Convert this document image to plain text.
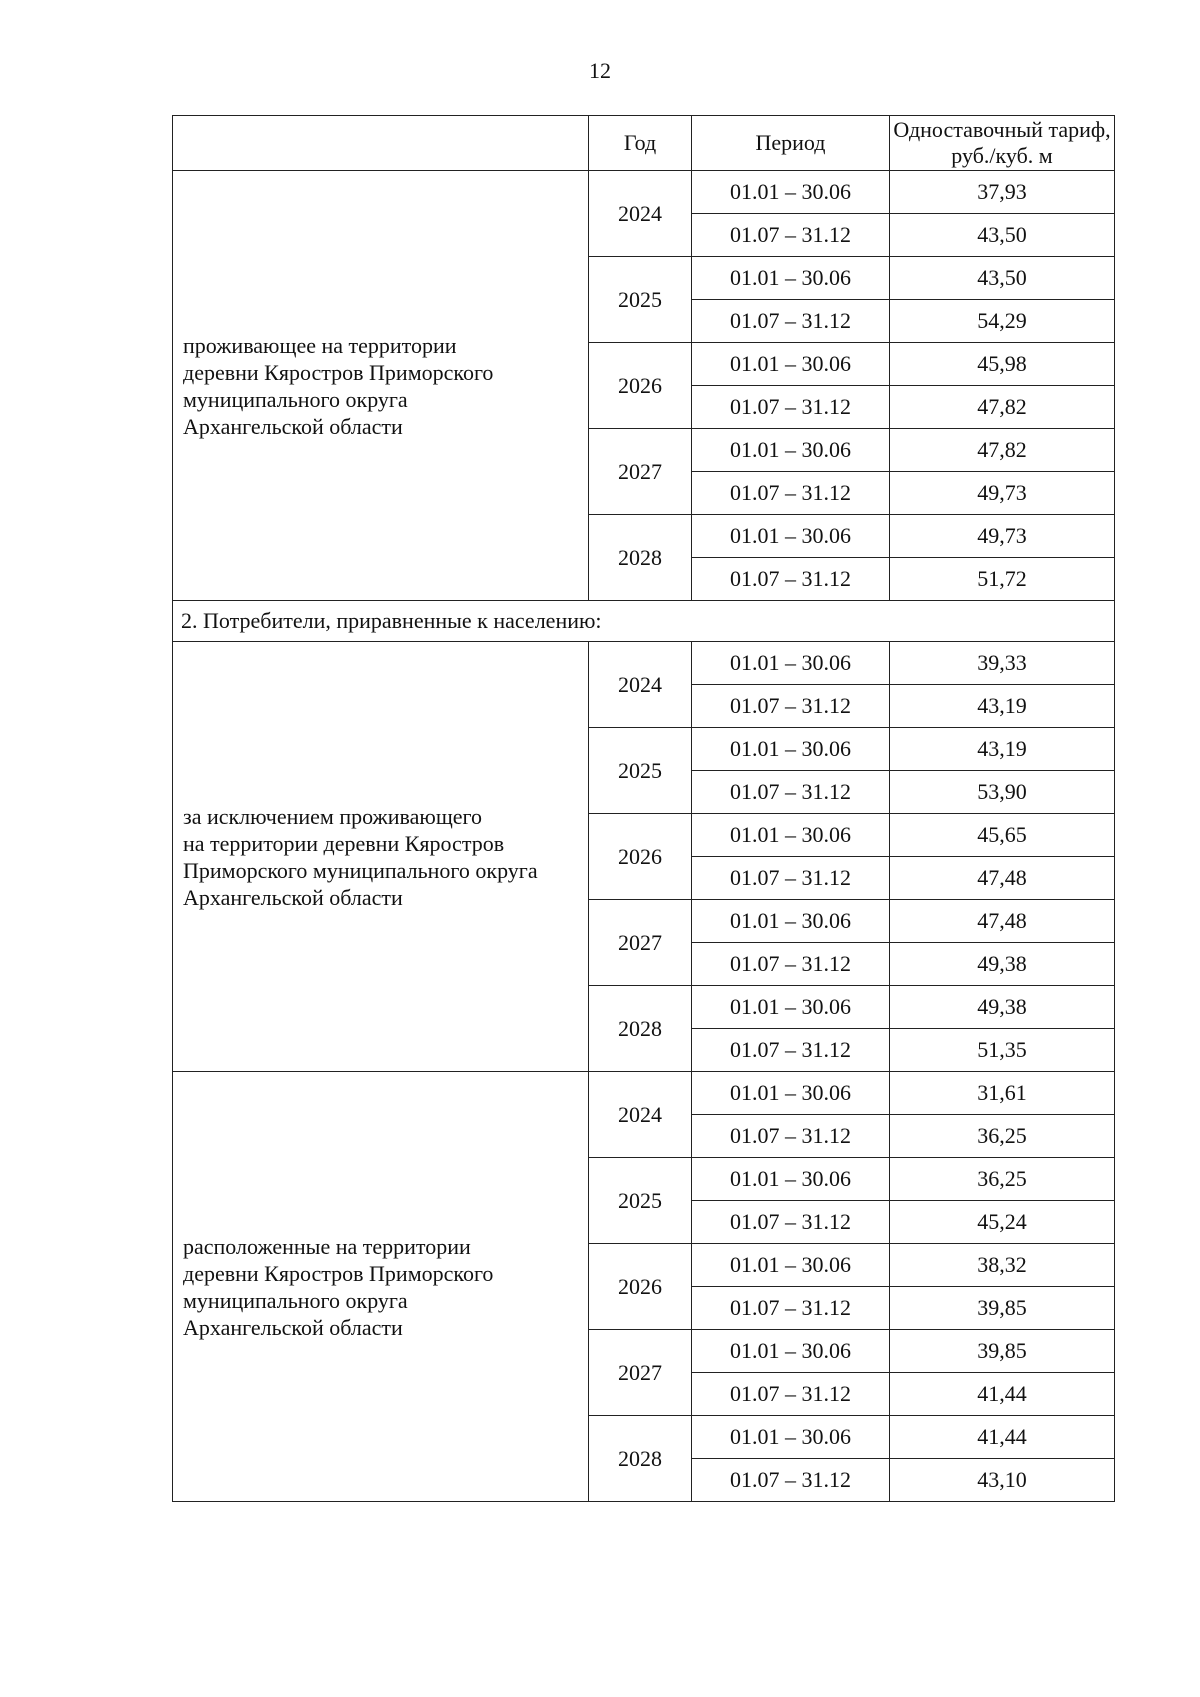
12
	Год	Период	Одноставочный тариф, руб./куб. м

проживающее на территории
деревни Кяростров Приморского
муниципального округа
Архангельской области	2024	01.01 – 30.06	37,93
		01.07 – 31.12	43,50
	2025	01.01 – 30.06	43,50
		01.07 – 31.12	54,29
	2026	01.01 – 30.06	45,98
		01.07 – 31.12	47,82
	2027	01.01 – 30.06	47,82
		01.07 – 31.12	49,73
	2028	01.01 – 30.06	49,73
		01.07 – 31.12	51,72
2. Потребители, приравненные к населению:			

за исключением проживающего
на территории деревни Кяростров
Приморского муниципального округа
Архангельской области	2024	01.01 – 30.06	39,33
		01.07 – 31.12	43,19
	2025	01.01 – 30.06	43,19
		01.07 – 31.12	53,90
	2026	01.01 – 30.06	45,65
		01.07 – 31.12	47,48
	2027	01.01 – 30.06	47,48
		01.07 – 31.12	49,38
	2028	01.01 – 30.06	49,38
		01.07 – 31.12	51,35

расположенные на территории
деревни Кяростров Приморского
муниципального округа
Архангельской области	2024	01.01 – 30.06	31,61
		01.07 – 31.12	36,25
	2025	01.01 – 30.06	36,25
		01.07 – 31.12	45,24
	2026	01.01 – 30.06	38,32
		01.07 – 31.12	39,85
	2027	01.01 – 30.06	39,85
		01.07 – 31.12	41,44
	2028	01.01 – 30.06	41,44
		01.07 – 31.12	43,10
